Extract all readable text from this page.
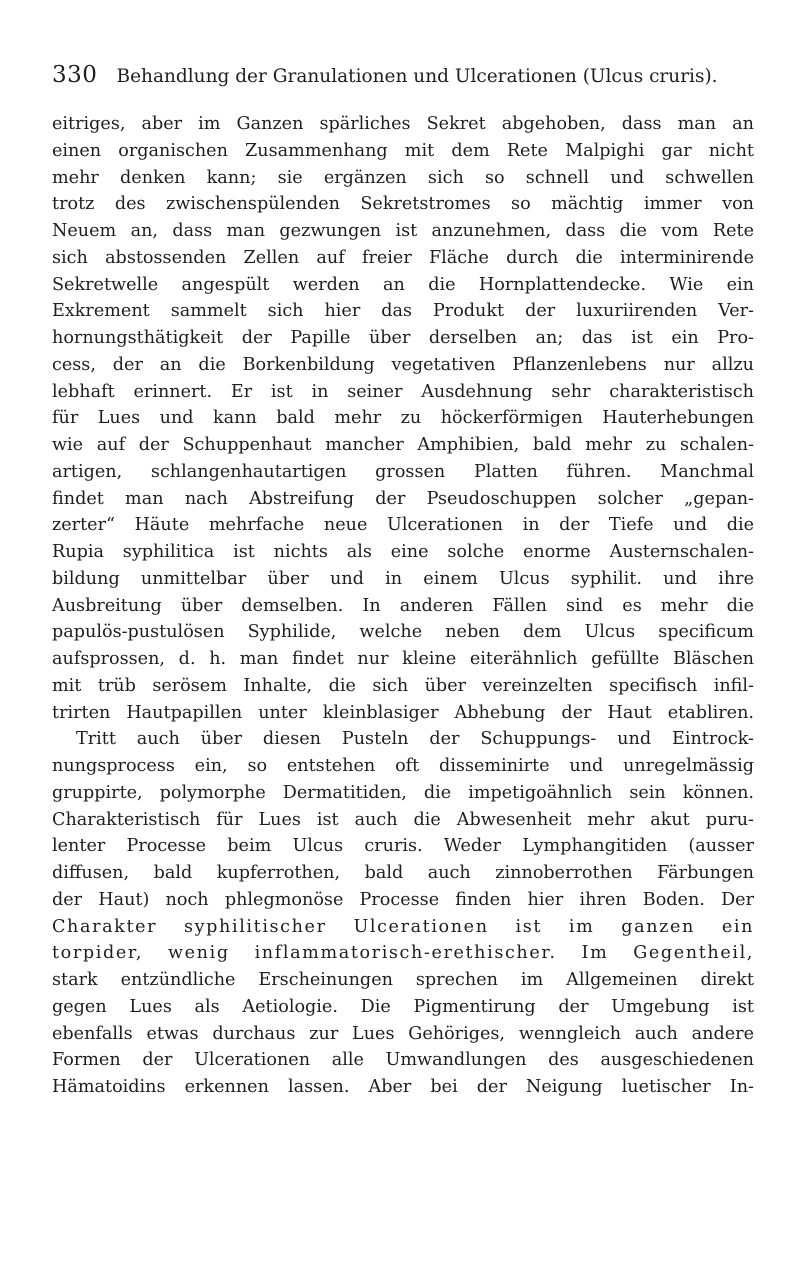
330 Behandlung der Granulationen und Ulcerationen (Ulcus cruris).
eitriges, aber im Ganzen spärliches Sekret abgehoben, dass man an
einen organischen Zusammenhang mit dem Rete Malpighi gar nicht
mehr denken kann; sie ergänzen sich so schnell und schwellen
trotz des zwischenspülenden Sekretstromes so mächtig immer von
Neuem an, dass man gezwungen ist anzunehmen, dass die vom Rete
sich abstossenden Zellen auf freier Fläche durch die interminirende
Sekretwelle angespült werden an die Hornplattendecke. Wie ein
Exkrement sammelt sich hier das Produkt der luxuriirenden Ver-
hornungsthätigkeit der Papille über derselben an; das ist ein Pro-
cess, der an die Borkenbildung vegetativen Pflanzenlebens nur allzu
lebhaft erinnert. Er ist in seiner Ausdehnung sehr charakteristisch
für Lues und kann bald mehr zu höckerförmigen Hauterhebungen
wie auf der Schuppenhaut mancher Amphibien, bald mehr zu schalen-
artigen, schlangenhautartigen grossen Platten führen. Manchmal
findet man nach Abstreifung der Pseudoschuppen solcher „gepan-
zerter“ Häute mehrfache neue Ulcerationen in der Tiefe und die
Rupia syphilitica ist nichts als eine solche enorme Austernschalen-
bildung unmittelbar über und in einem Ulcus syphilit. und ihre
Ausbreitung über demselben. In anderen Fällen sind es mehr die
papulös-pustulösen Syphilide, welche neben dem Ulcus specificum
aufsprossen, d. h. man findet nur kleine eiterähnlich gefüllte Bläschen
mit trüb serösem Inhalte, die sich über vereinzelten specifisch infil-
trirten Hautpapillen unter kleinblasiger Abhebung der Haut etabliren.
Tritt auch über diesen Pusteln der Schuppungs- und Eintrock-
nungsprocess ein, so entstehen oft disseminirte und unregelmässig
gruppirte, polymorphe Dermatitiden, die impetigoähnlich sein können.
Charakteristisch für Lues ist auch die Abwesenheit mehr akut puru-
lenter Processe beim Ulcus cruris. Weder Lymphangitiden (ausser
diffusen, bald kupferrothen, bald auch zinnoberrothen Färbungen
der Haut) noch phlegmonöse Processe finden hier ihren Boden. Der
Charakter syphilitischer Ulcerationen ist im ganzen ein
torpider, wenig inflammatorisch-erethischer. Im Gegentheil,
stark entzündliche Erscheinungen sprechen im Allgemeinen direkt
gegen Lues als Aetiologie. Die Pigmentirung der Umgebung ist
ebenfalls etwas durchaus zur Lues Gehöriges, wenngleich auch andere
Formen der Ulcerationen alle Umwandlungen des ausgeschiedenen
Hämatoidins erkennen lassen. Aber bei der Neigung luetischer In-
